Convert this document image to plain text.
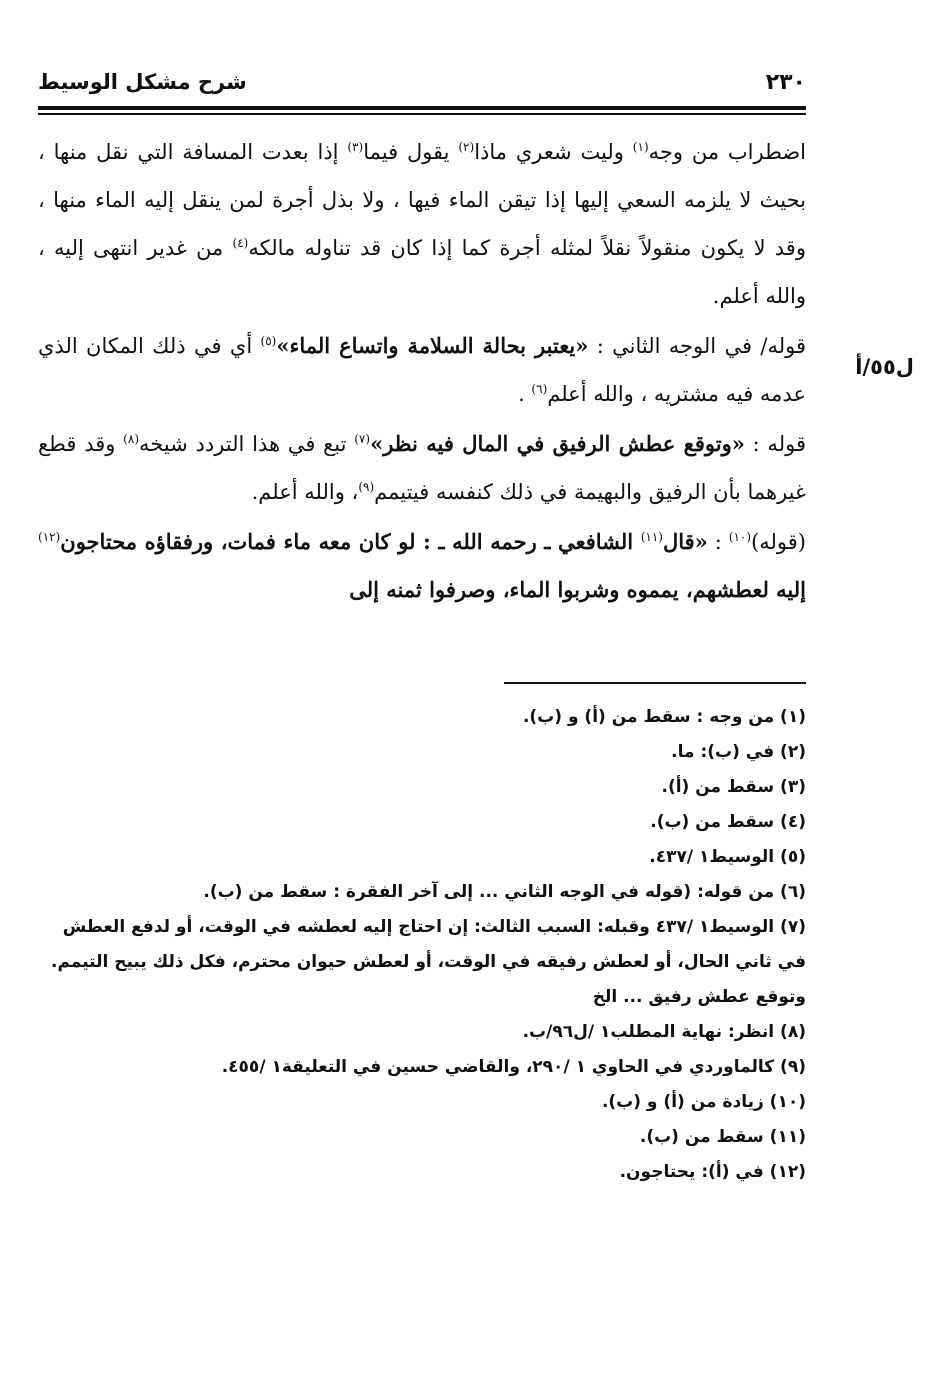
٢٣٠
شرح مشكل الوسيط
ل٥٥/أ

اضطراب من وجه$^{(١)}$ وليت شعري ماذا$^{(٢)}$ يقول فيما$^{(٣)}$ إذا بعدت المسافة التي نقل منها ، بحيث لا يلزمه السعي إليها إذا تيقن الماء فيها ، ولا بذل أجرة لمن ينقل إليه الماء منها ، وقد لا يكون منقولاً نقلاً لمثله أجرة كما إذا كان قد تناوله مالكه$^{(٤)}$ من غدير انتهى إليه ، والله أعلم.

قوله/ في الوجه الثاني : «يعتبر بحالة السلامة واتساع الماء»$^{(٥)}$ أي في ذلك المكان الذي عدمه فيه مشتريه ، والله أعلم$^{(٦)}$ .

قوله : «وتوقع عطش الرفيق في المال فيه نظر»$^{(٧)}$ تبع في هذا التردد شيخه$^{(٨)}$ وقد قطع غيرهما بأن الرفيق والبهيمة في ذلك كنفسه فيتيمم$^{(٩)}$، والله أعلم.

(قوله)$^{(١٠)}$ : «قال$^{(١١)}$ الشافعي ـ رحمه الله ـ : لو كان معه ماء فمات، ورفقاؤه محتاجون$^{(١٢)}$ إليه لعطشهم، يمموه وشربوا الماء، وصرفوا ثمنه إلى

(١) من وجه : سقط من (أ) و (ب).

(٢) في (ب): ما.

(٣) سقط من (أ).

(٤) سقط من (ب).

(٥) الوسيط١ /٤٣٧.

(٦) من قوله: (قوله في الوجه الثاني ... إلى آخر الفقرة : سقط من (ب).

(٧) الوسيط١ /٤٣٧ وقبله: السبب الثالث: إن احتاج إليه لعطشه في الوقت، أو لدفع العطش في ثاني الحال، أو لعطش رفيقه في الوقت، أو لعطش حيوان محترم، فكل ذلك يبيح التيمم. وتوقع عطش رفيق ... الخ

(٨) انظر: نهاية المطلب١ /ل٩٦/ب.

(٩) كالماوردي في الحاوي ١ /٢٩٠، والقاضي حسين في التعليقة١ /٤٥٥.

(١٠) زيادة من (أ) و (ب).

(١١) سقط من (ب).

(١٢) في (أ): يحتاجون.
